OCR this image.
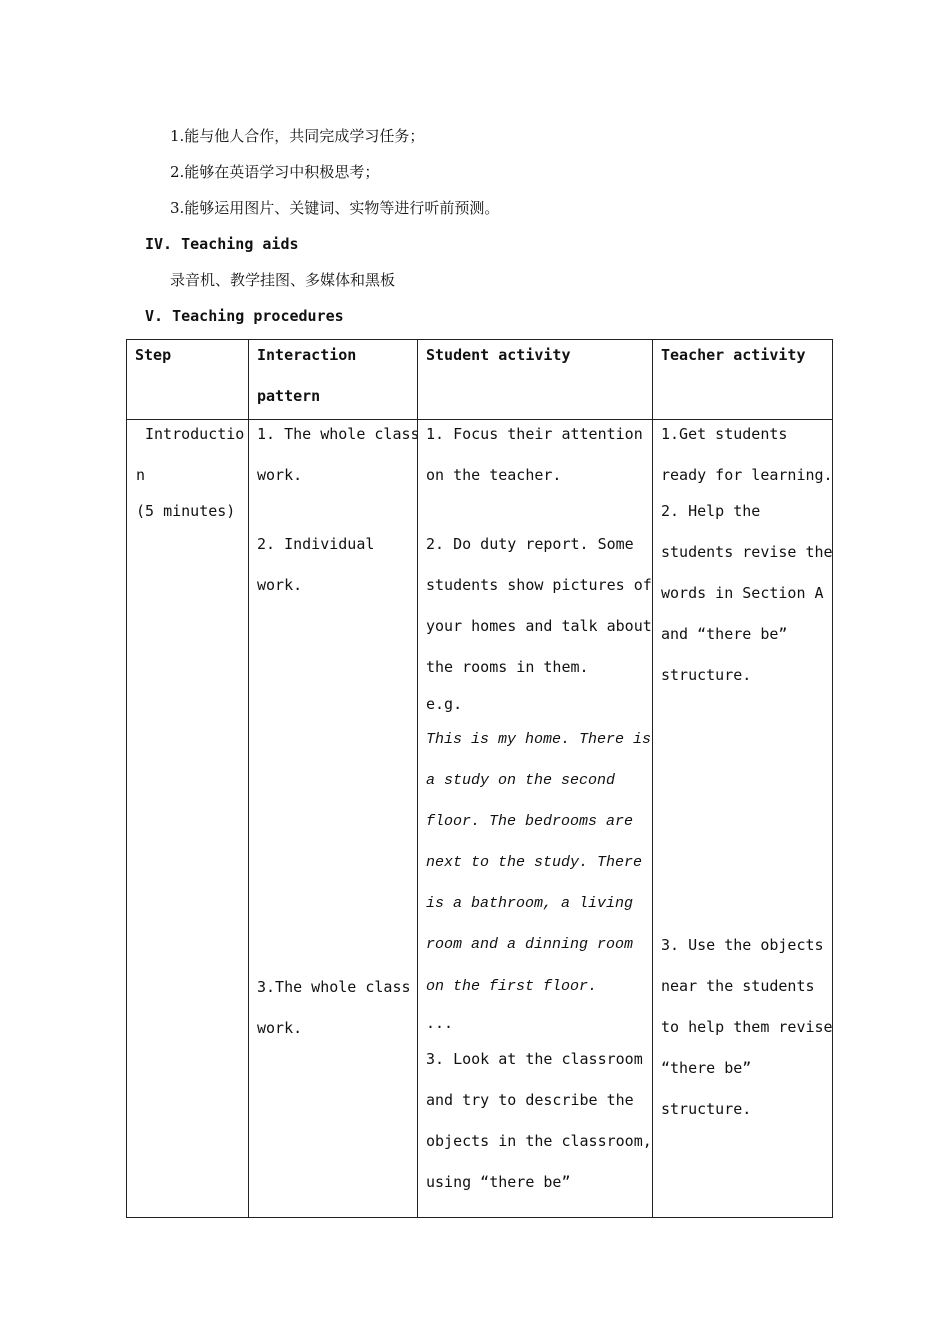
1.能与他人合作，共同完成学习任务；
2.能够在英语学习中积极思考；
3.能够运用图片、关键词、实物等进行听前预测。
IV. Teaching aids
录音机、教学挂图、多媒体和黑板
V. Teaching procedures
Step	Interaction
pattern
Student activity	Teacher activity
Introductio
n
(5 minutes)
1. The whole class
work.
2. Individual
work.
3.The whole class
work.
1. Focus their attention
on the teacher.
2. Do duty report. Some
students show pictures of
your homes and talk about
the rooms in them.
e.g.
This is my home. There is
a study on the second
floor. The bedrooms are
next to the study. There
is a bathroom, a living
room and a dinning room
on the first floor.
...
3. Look at the classroom
and try to describe the
objects in the classroom,
using “there be”
1.Get students
ready for learning.
2. Help the
students revise the
words in Section A
and “there be”
structure.
3. Use the objects
near the students
to help them revise
“there be”
structure.
